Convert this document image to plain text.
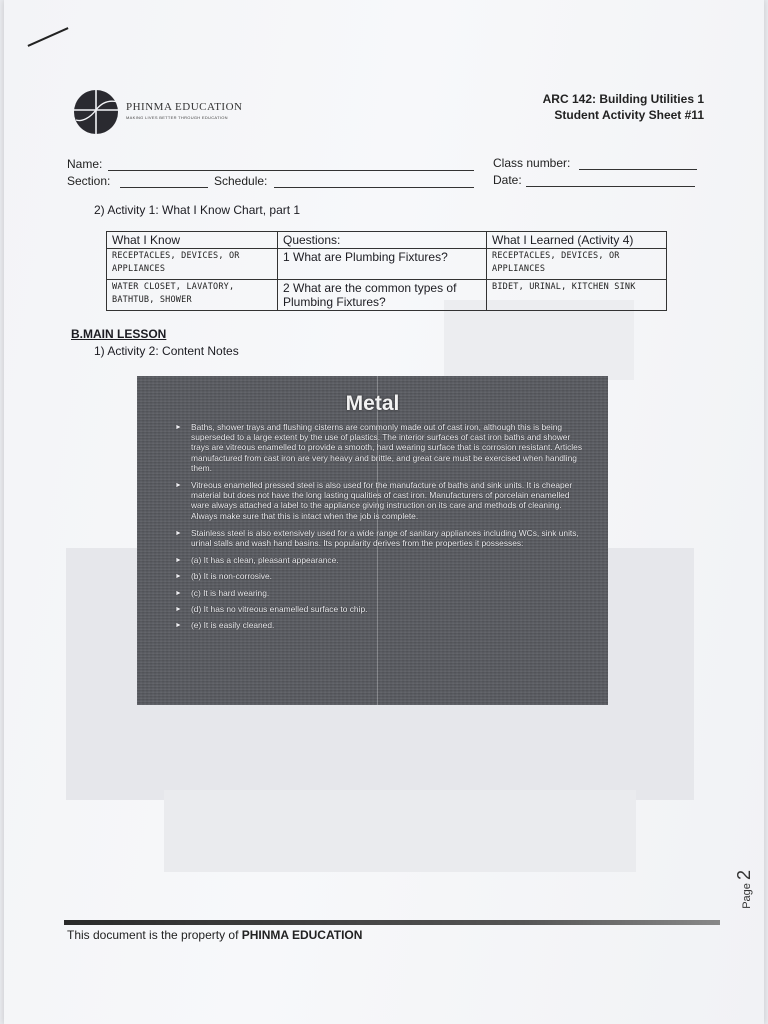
PHINMA EDUCATION
MAKING LIVES BETTER THROUGH EDUCATION
ARC 142: Building Utilities 1
Student Activity Sheet #11
Name:
Section:	Schedule:
Class number:
Date:
2) Activity 1: What I Know Chart, part 1
What I Know	Questions:	What I Learned (Activity 4)
RECEPTACLES, DEVICES, OR APPLIANCES	1 What are Plumbing Fixtures?	RECEPTACLES, DEVICES, OR APPLIANCES
WATER CLOSET, LAVATORY, BATHTUB, SHOWER	2 What are the common types of Plumbing Fixtures?	BIDET, URINAL, KITCHEN SINK
B.MAIN LESSON
1) Activity 2: Content Notes
Metal
► Baths, shower trays and flushing cisterns are commonly made out of cast iron, although this is being superseded to a large extent by the use of plastics. The interior surfaces of cast iron baths and shower trays are vitreous enamelled to provide a smooth, hard wearing surface that is corrosion resistant. Articles manufactured from cast iron are very heavy and brittle, and great care must be exercised when handling them.
► Vitreous enamelled pressed steel is also used for the manufacture of baths and sink units. It is cheaper material but does not have the long lasting qualities of cast iron. Manufacturers of porcelain enamelled ware always attached a label to the appliance giving instruction on its care and methods of cleaning. Always make sure that this is intact when the job is complete.
► Stainless steel is also extensively used for a wide range of sanitary appliances including WCs, sink units, urinal stalls and wash hand basins. Its popularity derives from the properties it possesses:
► (a) It has a clean, pleasant appearance.
► (b) It is non-corrosive.
► (c) It is hard wearing.
► (d) It has no vitreous enamelled surface to chip.
► (e) It is easily cleaned.
Page 2
This document is the property of PHINMA EDUCATION
